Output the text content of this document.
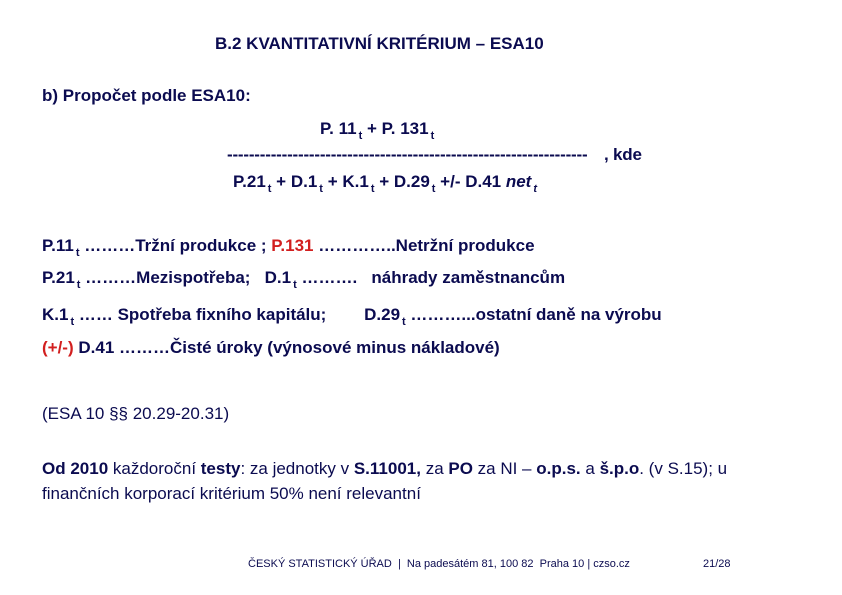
B.2 KVANTITATIVNÍ KRITÉRIUM – ESA10
b) Propočet podle ESA10:
P. 11 $_t$ + P. 131 $_t$
------------------------------------------------------------------ , kde
P.21 $_t$ + D.1 $_t$ + K.1 $_t$ + D.29 $_t$ +/- D.41 net $_t$
P.11 $_t$ ………Tržní produkce ; P.131 …………..Netržní produkce
P.21 $_t$ ………Mezispotřeba;   D.1 $_t$ ……….   náhrady zaměstnancům
K.1 $_t$ …… Spotřeba fixního kapitálu;        D.29 $_t$ ………...ostatní daně na výrobu
(+/-) D.41 ………Čisté úroky (výnosové minus nákladové)
(ESA 10 §§ 20.29-20.31)
Od 2010 každoroční testy: za jednotky v S.11001, za PO za NI – o.p.s. a š.p.o. (v S.15); u finančních korporací kritérium 50% není relevantní
ČESKÝ STATISTICKÝ ÚŘAD  |  Na padesátém 81, 100 82  Praha 10 | czso.cz	21/28
